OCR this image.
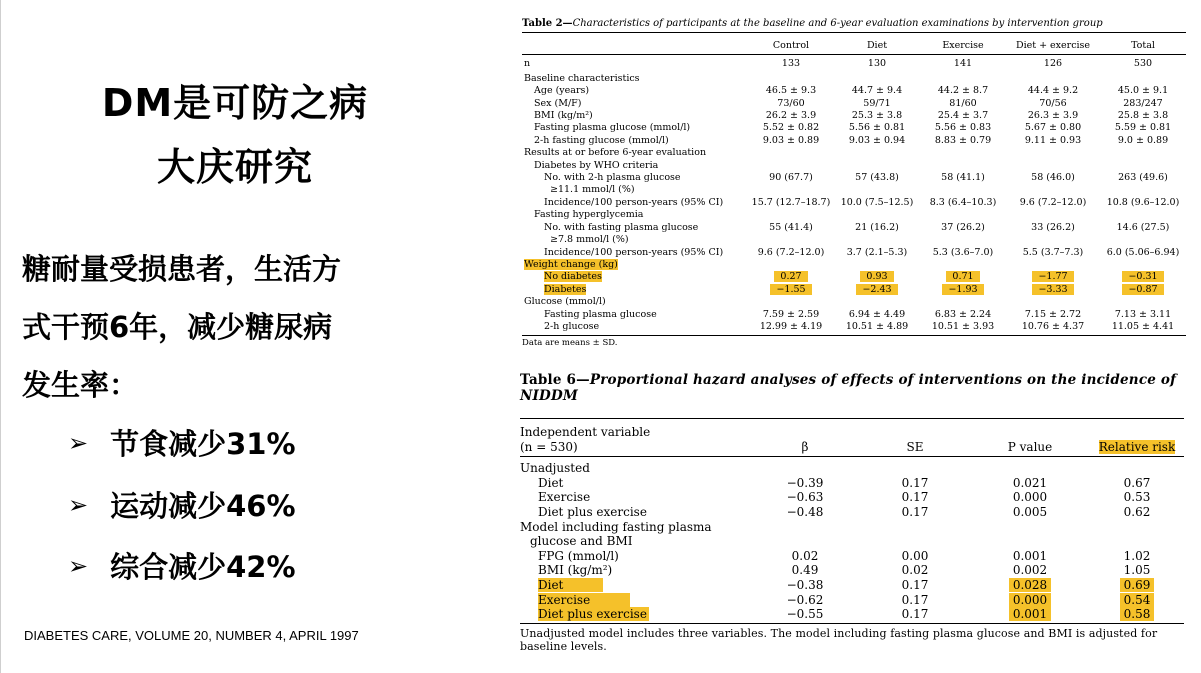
DM是可防之病
大庆研究
糖耐量受损患者，生活方
式干预6年，减少糖尿病
发生率：
➢ 节食减少31%
➢ 运动减少46%
➢ 综合减少42%
DIABETES CARE, VOLUME 20, NUMBER 4, APRIL 1997
Table 2—Characteristics of participants at the baseline and 6-year evaluation examinations by intervention group
	Control	Diet	Exercise	Diet + exercise	Total
n	133	130	141	126	530
Baseline characteristics					
Age (years)	46.5 ± 9.3	44.7 ± 9.4	44.2 ± 8.7	44.4 ± 9.2	45.0 ± 9.1
Sex (M/F)	73/60	59/71	81/60	70/56	283/247
BMI (kg/m²)	26.2 ± 3.9	25.3 ± 3.8	25.4 ± 3.7	26.3 ± 3.9	25.8 ± 3.8
Fasting plasma glucose (mmol/l)	5.52 ± 0.82	5.56 ± 0.81	5.56 ± 0.83	5.67 ± 0.80	5.59 ± 0.81
2-h fasting glucose (mmol/l)	9.03 ± 0.89	9.03 ± 0.94	8.83 ± 0.79	9.11 ± 0.93	9.0 ± 0.89
Results at or before 6-year evaluation					
Diabetes by WHO criteria					
No. with 2-h plasma glucose	90 (67.7)	57 (43.8)	58 (41.1)	58 (46.0)	263 (49.6)
≥11.1 mmol/l (%)					
Incidence/100 person-years (95% CI)	15.7 (12.7–18.7)	10.0 (7.5–12.5)	8.3 (6.4–10.3)	9.6 (7.2–12.0)	10.8 (9.6–12.0)
Fasting hyperglycemia					
No. with fasting plasma glucose	55 (41.4)	21 (16.2)	37 (26.2)	33 (26.2)	14.6 (27.5)
≥7.8 mmol/l (%)					
Incidence/100 person-years (95% CI)	9.6 (7.2–12.0)	3.7 (2.1–5.3)	5.3 (3.6–7.0)	5.5 (3.7–7.3)	6.0 (5.06–6.94)
Weight change (kg)					
No diabetes	0.27	0.93	0.71	−1.77	−0.31
Diabetes	−1.55	−2.43	−1.93	−3.33	−0.87
Glucose (mmol/l)					
Fasting plasma glucose	7.59 ± 2.59	6.94 ± 4.49	6.83 ± 2.24	7.15 ± 2.72	7.13 ± 3.11
2-h glucose	12.99 ± 4.19	10.51 ± 4.89	10.51 ± 3.93	10.76 ± 4.37	11.05 ± 4.41
Data are means ± SD.
Table 6—Proportional hazard analyses of effects of interventions on the incidence of NIDDM
Independent variable
(n = 530)	β	SE	P value	Relative risk
Unadjusted				
Diet	−0.39	0.17	0.021	0.67
Exercise	−0.63	0.17	0.000	0.53
Diet plus exercise	−0.48	0.17	0.005	0.62
Model including fasting plasma				
glucose and BMI				
FPG (mmol/l)	0.02	0.00	0.001	1.02
BMI (kg/m²)	0.49	0.02	0.002	1.05
Diet	−0.38	0.17	0.028	0.69
Exercise	−0.62	0.17	0.000	0.54
Diet plus exercise	−0.55	0.17	0.001	0.58
Unadjusted model includes three variables. The model including fasting plasma glucose and BMI is adjusted for baseline levels.
